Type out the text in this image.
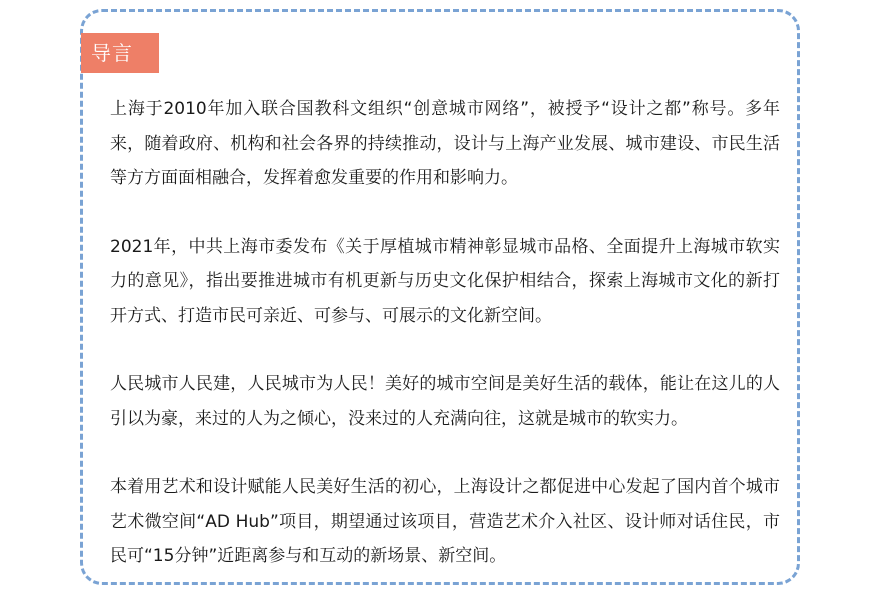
导言

上海于2010年加入联合国教科文组织“创意城市网络”，被授予“设计之都”称号。多年来，随着政府、机构和社会各界的持续推动，设计与上海产业发展、城市建设、市民生活等方方面面相融合，发挥着愈发重要的作用和影响力。

2021年，中共上海市委发布《关于厚植城市精神彰显城市品格、全面提升上海城市软实力的意见》，指出要推进城市有机更新与历史文化保护相结合，探索上海城市文化的新打开方式、打造市民可亲近、可参与、可展示的文化新空间。

人民城市人民建，人民城市为人民！美好的城市空间是美好生活的载体，能让在这儿的人引以为豪，来过的人为之倾心，没来过的人充满向往，这就是城市的软实力。

本着用艺术和设计赋能人民美好生活的初心，上海设计之都促进中心发起了国内首个城市艺术微空间“AD Hub”项目，期望通过该项目，营造艺术介入社区、设计师对话住民，市民可“15分钟”近距离参与和互动的新场景、新空间。
